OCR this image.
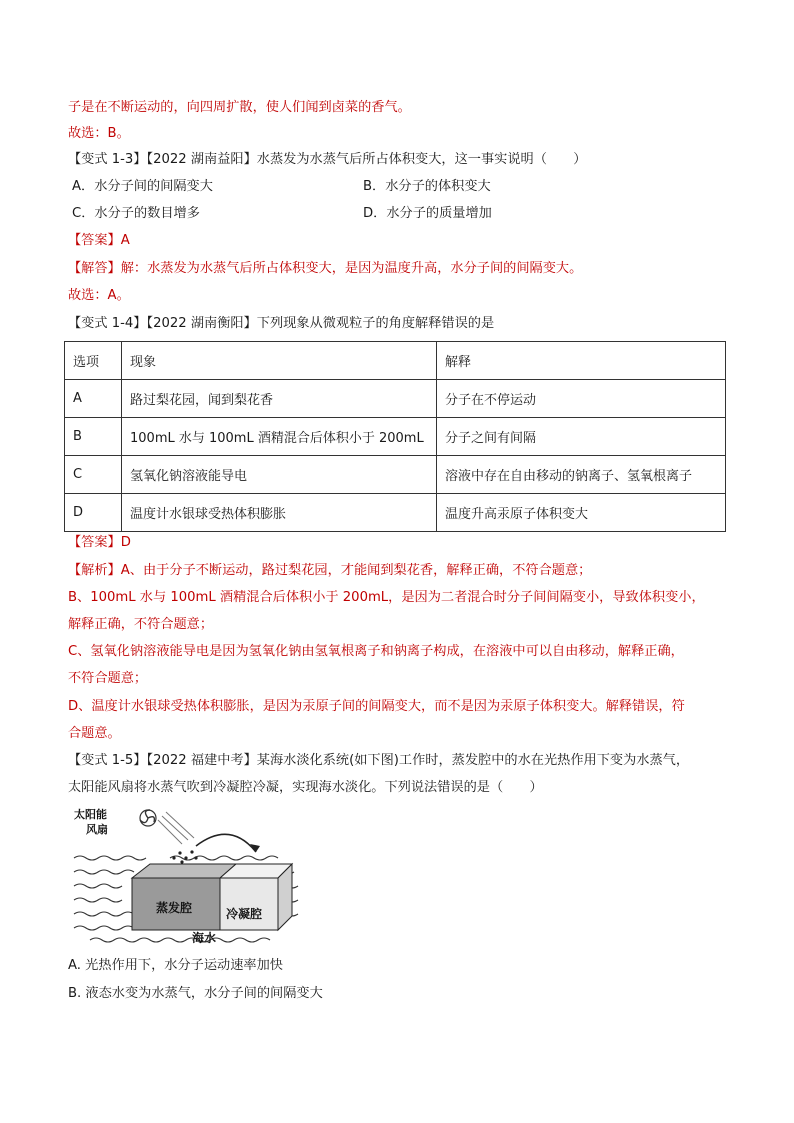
子是在不断运动的，向四周扩散，使人们闻到卤菜的香气。
故选：B。
【变式 1-3】【2022 湖南益阳】水蒸发为水蒸气后所占体积变大，这一事实说明（　　）
A．水分子间的间隔变大	B．水分子的体积变大
C．水分子的数目增多	D．水分子的质量增加
【答案】A
【解答】解：水蒸发为水蒸气后所占体积变大，是因为温度升高，水分子间的间隔变大。
故选：A。
【变式 1-4】【2022 湖南衡阳】下列现象从微观粒子的角度解释错误的是
选项	现象	解释
A	路过梨花园，闻到梨花香	分子在不停运动
B	100mL 水与 100mL 酒精混合后体积小于 200mL	分子之间有间隔
C	氢氧化钠溶液能导电	溶液中存在自由移动的钠离子、氢氧根离子
D	温度计水银球受热体积膨胀	温度升高汞原子体积变大
【答案】D
【解析】A、由于分子不断运动，路过梨花园，才能闻到梨花香，解释正确，不符合题意；
B、100mL 水与 100mL 酒精混合后体积小于 200mL，是因为二者混合时分子间间隔变小，导致体积变小，
解释正确，不符合题意；
C、氢氧化钠溶液能导电是因为氢氧化钠由氢氧根离子和钠离子构成，在溶液中可以自由移动，解释正确，
不符合题意；
D、温度计水银球受热体积膨胀，是因为汞原子间的间隔变大，而不是因为汞原子体积变大。解释错误，符
合题意。
【变式 1-5】【2022 福建中考】某海水淡化系统(如下图)工作时，蒸发腔中的水在光热作用下变为水蒸气，
太阳能风扇将水蒸气吹到冷凝腔冷凝，实现海水淡化。下列说法错误的是（　　）
太阳能
风扇
蒸发腔	冷凝腔
海水
A. 光热作用下，水分子运动速率加快
B. 液态水变为水蒸气，水分子间的间隔变大
